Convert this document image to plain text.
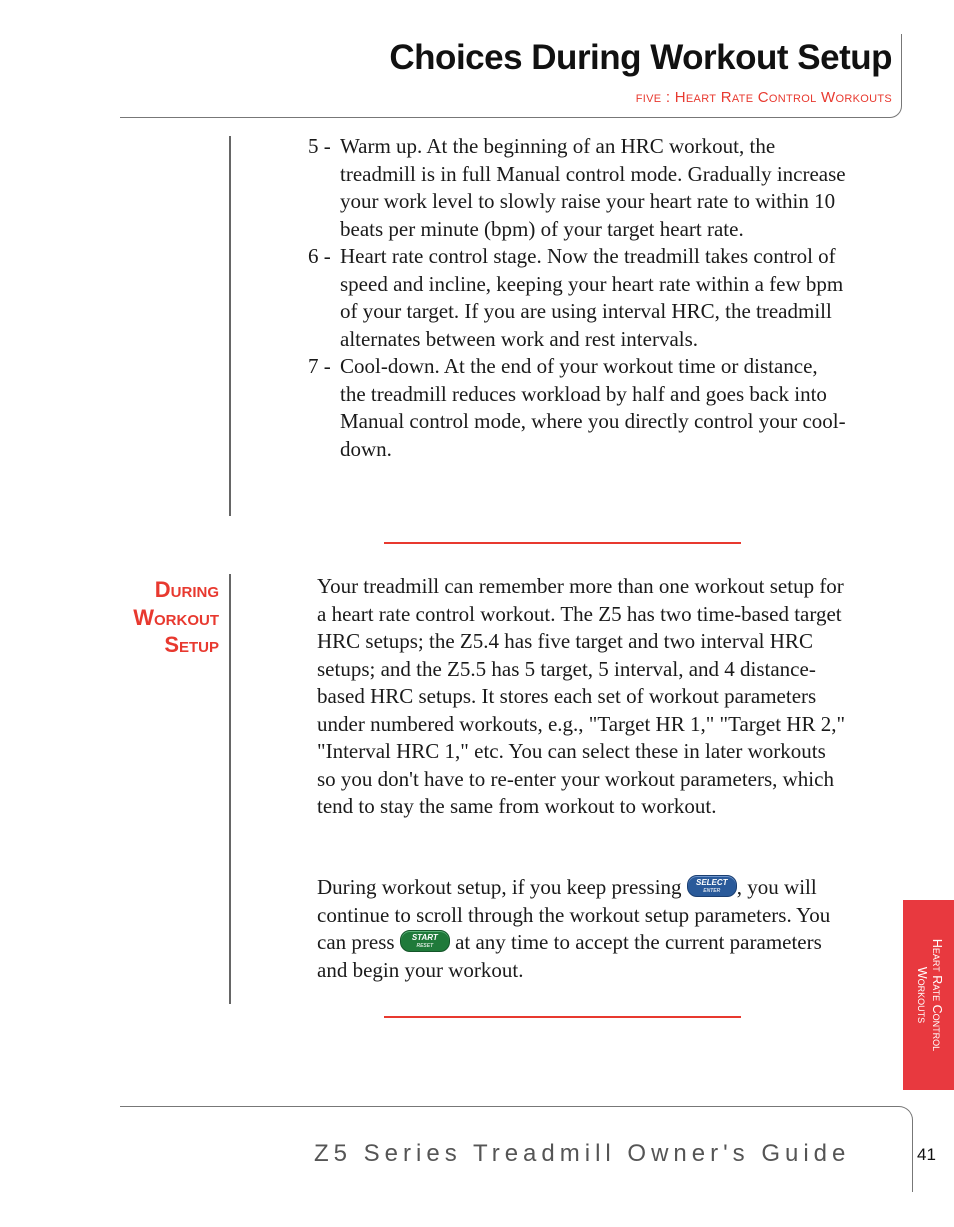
Choices During Workout Setup
five : Heart Rate Control Workouts
5 - Warm up. At the beginning of an HRC workout, the treadmill is in full Manual control mode. Gradually increase your work level to slowly raise your heart rate to within 10 beats per minute (bpm) of your target heart rate.
6 - Heart rate control stage. Now the treadmill takes control of speed and incline, keeping your heart rate within a few bpm of your target. If you are using interval HRC, the treadmill alternates between work and rest intervals.
7 - Cool-down. At the end of your workout time or distance, the treadmill reduces workload by half and goes back into Manual control mode, where you directly control your cool-down.
During
Workout
Setup

Your treadmill can remember more than one workout setup for a heart rate control workout. The Z5 has two time-based target HRC setups; the Z5.4 has five target and two interval HRC setups; and the Z5.5 has 5 target, 5 interval, and 4 distance-based HRC setups. It stores each set of workout parameters under numbered workouts, e.g., "Target HR 1," "Target HR 2," "Interval HRC 1," etc. You can select these in later workouts so you don't have to re-enter your workout parameters, which tend to stay the same from workout to workout.

During workout setup, if you keep pressing	SELECT
ENTER , you will continue to scroll through the workout setup parameters. You can press	START
RESET	at any time to accept the current parameters and begin your workout.	Heart Rate Control
Workouts
Z5 Series Treadmill Owner's Guide	41
